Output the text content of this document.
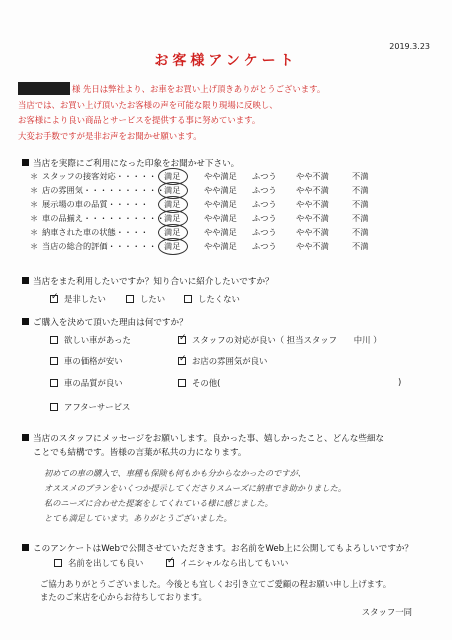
2019.3.23
お客様アンケート
様 先日は弊社より、お車をお買い上げ頂きありがとうございます。
当店では、お買い上げ頂いたお客様の声を可能な限り現場に反映し、
お客様により良い商品とサービスを提供する事に努めています。
大変お手数ですが是非お声をお聞かせ願います。
当店を実際にご利用になった印象をお聞かせ下さい。
＊ スタッフの接客対応・・・・・ 満足	やや満足 ふつう やや不満	不満
＊ 店の雰囲気・・・・・・・・・・ 満足	やや満足 ふつう やや不満	不満
＊ 展示場の車の品質・・・・・ 満足	やや満足 ふつう やや不満	不満
＊ 車の品揃え・・・・・・・・・・ 満足	やや満足 ふつう やや不満	不満
＊ 納車された車の状態・・・・ 満足	やや満足 ふつう やや不満	不満
＊ 当店の総合的評価・・・・・・ 満足	やや満足 ふつう やや不満	不満
当店をまた利用したいですか？知り合いに紹介したいですか？
✓是非したい	したい	したくない
ご購入を決めて頂いた理由は何ですか？
欲しい車があった ✓	スタッフの対応が良い（ 担当スタッフ　　中川 ）
車の価格が安い ✓	お店の雰囲気が良い
車の品質が良い	その他(	)
アフターサービス
当店のスタッフにメッセージをお願いします。良かった事、嬉しかったこと、どんな些細な
ことでも結構です。皆様の言葉が私共の力になります。
初めての車の購入で、車種も保険も何もかも分からなかったのですが、
オススメのプランをいくつか提示してくださりスムーズに納車でき助かりました。
私のニーズに合わせた提案をしてくれている様に感じました。
とても満足しています。ありがとうございました。
このアンケートはWebで公開させていただきます。お名前をWeb上に公開してもよろしいですか？
名前を出しても良い ✓	イニシャルなら出してもいい
ご協力ありがとうございました。今後とも宜しくお引き立てご愛顧の程お願い申し上げます。
またのご来店を心からお待ちしております。
スタッフ一同
